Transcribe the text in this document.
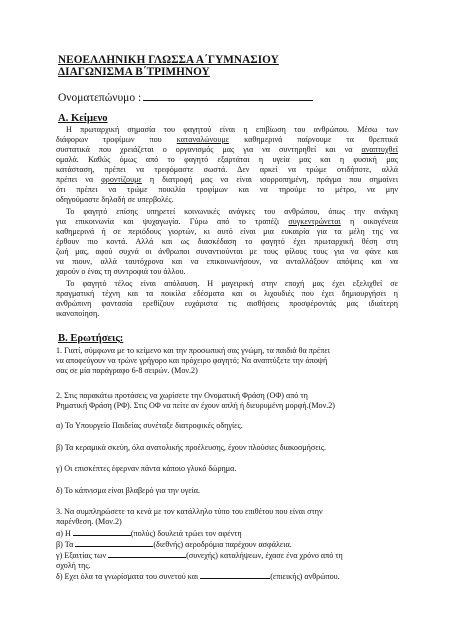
ΝΕΟΕΛΛΗΝΙΚΗ ΓΛΩΣΣΑ Α΄ΓΥΜΝΑΣΙΟΥ
ΔΙΑΓΩΝΙΣΜΑ Β΄ΤΡΙΜΗΝΟΥ
Ονοματεπώνυμο :
Α. Κείμενο
Η πρωταρχική σημασία του φαγητού είναι η επιβίωση του ανθρώπου. Μέσω των
διάφορων τροφίμων που καταναλώνουμε καθημερινά παίρνουμε τα θρεπτικά
συστατικά που χρειάζεται ο οργανισμός μας για να συντηρηθεί και να αναπτυχθεί
ομαλά. Καθώς όμως από το φαγητό εξαρτάται η υγεία μας και η φυσική μας
κατάσταση, πρέπει να τρεφόμαστε σωστά. Δεν αρκεί να τρώμε οτιδήποτε, αλλά
πρέπει να φροντίζουμε η διατροφή μας να είναι ισορροπημένη, πράγμα που σημαίνει
ότι πρέπει να τρώμε ποικιλία τροφίμων και να τηρούμε το μέτρο, να μην
οδηγούμαστε δηλαδή σε υπερβολές.
Το φαγητό επίσης υπηρετεί κοινωνικές ανάγκες του ανθρώπου, όπως την ανάγκη
για επικοινωνία και ψυχαγωγία. Γύρω από το τραπέζι συγκεντρώνεται η οικογένεια
καθημερινά ή σε περιόδους γιορτών, κι αυτό είναι μια ευκαιρία για τα μέλη της να
έρθουν πιο κοντά. Αλλά και ως διασκέδαση το φαγητό έχει πρωταρχική θέση στη
ζωή μας, αφού συχνά οι άνθρωποι συναντιούνται με τους φίλους τους για να φάνε και
να πιουν, αλλά ταυτόχρονα και να επικοινωνήσουν, να ανταλλάξουν απόψεις και να
χαρούν ο ένας τη συντροφιά του άλλου.
Το φαγητό τέλος είναι απόλαυση. Η μαγειρική στην εποχή μας έχει εξελιχθεί σε
πραγματική τέχνη και τα ποικίλα εδέσματα και οι λιχουδιές που έχει δημιουργήσει η
ανθρώπινη φαντασία ερεθίζουν ευχάριστα τις αισθήσεις προσφέροντάς μας ιδιαίτερη
ικανοποίηση.
Β. Ερωτήσεις:
1. Γιατί, σύμφωνα με το κείμενο και την προσωπική σας γνώμη, τα παιδιά θα πρέπει
να αποφεύγουν να τρώνε γρήγορο και πρόχειρο φαγητό; Να αναπτύξετε την άποψή
σας σε μία παράγραφο 6-8 σειρών. (Μον.2)
2. Στις παρακάτω προτάσεις να χωρίσετε την Ονοματική Φράση (ΟΦ) από τη
Ρηματική Φράση (ΡΦ). Στις ΟΦ να πείτε αν έχουν απλή ή διευρυμένη μορφή.(Μον.2)
α) Το Υπουργείο Παιδείας συνέταξε διατροφικές οδηγίες.
β) Τα κεραμικά σκεύη, όλα ανατολικής προέλευσης, έχουν πλούσιες διακοσμήσεις.
γ) Οι επισκέπτες έφερναν πάντα κάποιο γλυκό δώρημα.
δ) Το κάπνισμα είναι βλαβερό για την υγεία.
3. Να συμπληρώσετε τα κενά με τον κατάλληλο τύπο του επιθέτου που είναι στην
παρένθεση. (Μον.2)
α) Η	(πολύς) δουλειά τρώει τον αφέντη
β) Τα	(διεθνής) αεροδρόμια παρέχουν ασφάλεια.
γ) Εξαιτίας των	(συνεχής) καταλήψεων, έχασε ένα χρόνο από τη
σχολή της.
δ) Εχει όλα τα γνωρίσματα του συνετού και	(επιεικής) ανθρώπου.
